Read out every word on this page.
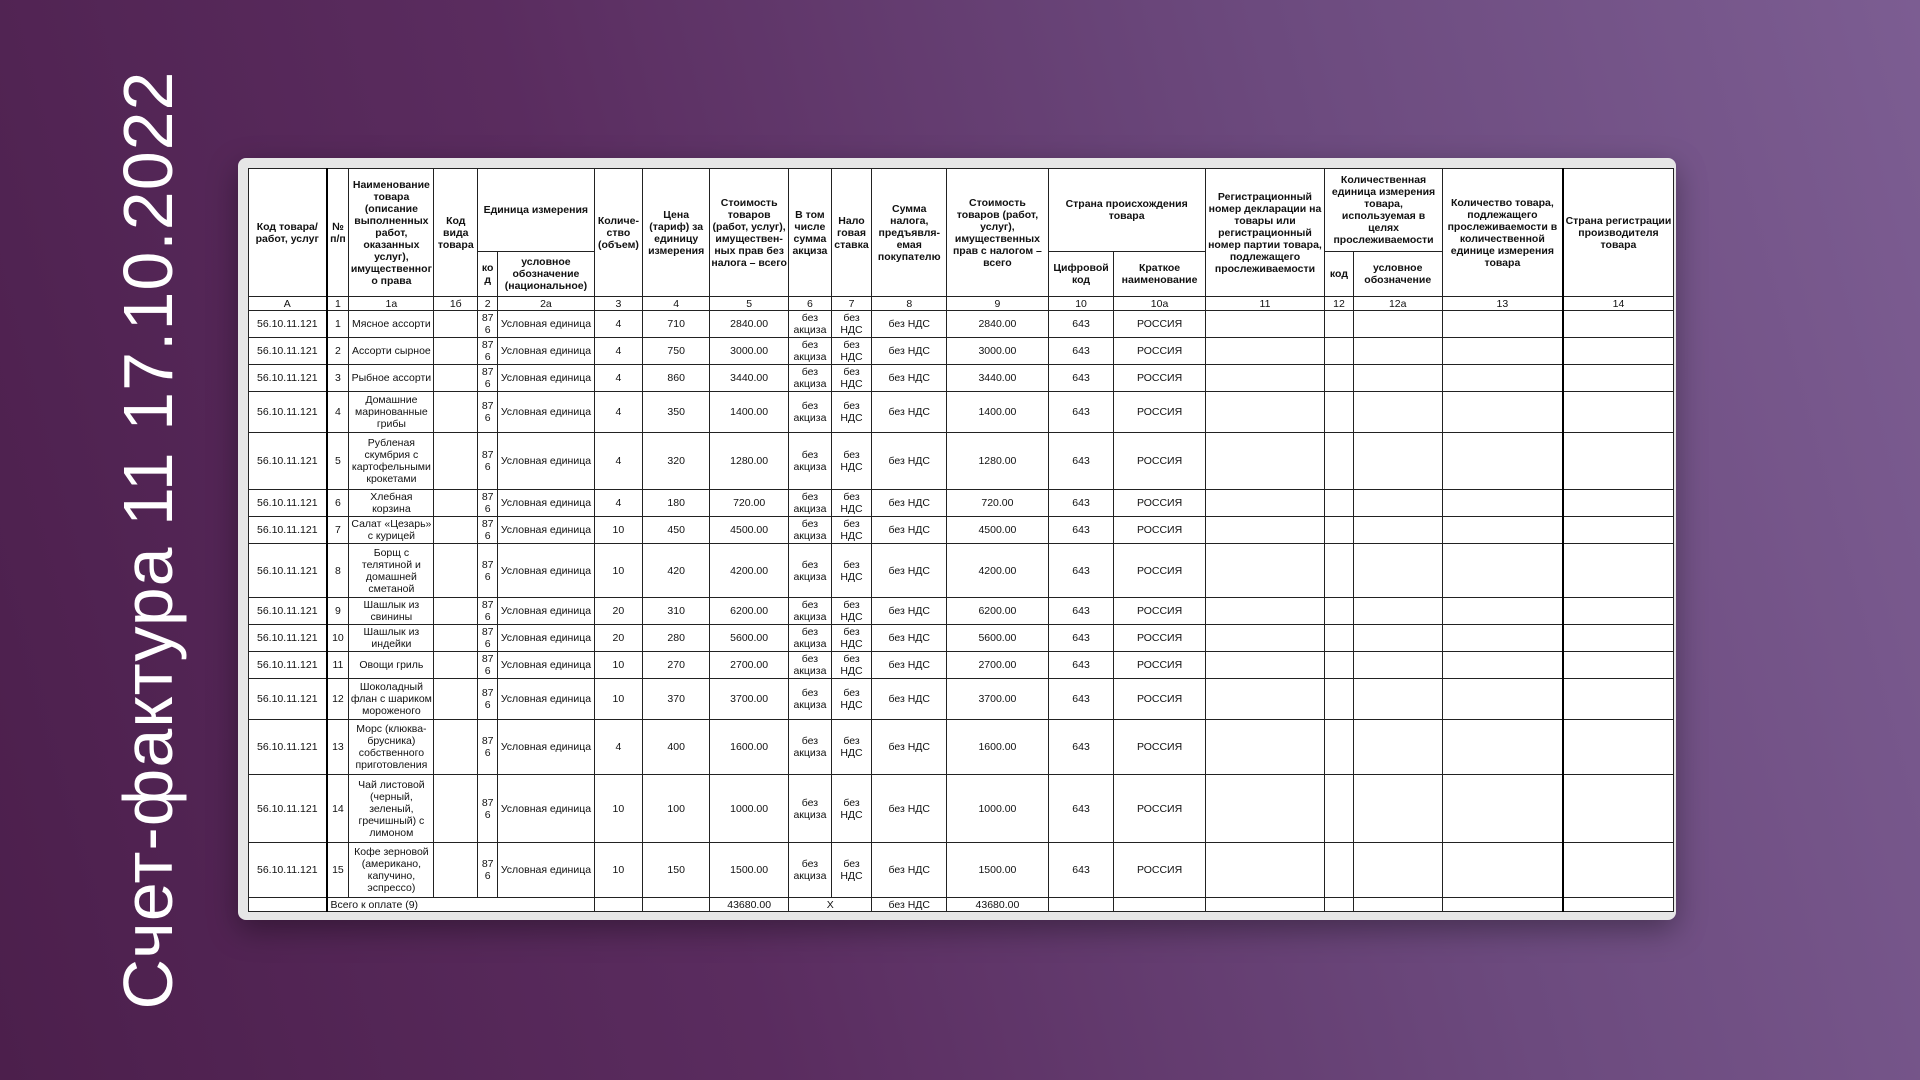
Счет-фактура 11 17.10.2022	Код товара/ работ, услуг	№ п/п	Наименование товара (описание выполненных работ, оказанных услуг), имущественного права	Код вида товара	Единица измерения		Количе-ство (объем)	Цена (тариф) за единицу измерения	Стоимость товаров (работ, услуг), имуществен-ных прав без налога – всего	В том числе сумма акциза	Нало говая ставка	Сумма налога, предъявля-емая покупателю	Стоимость товаров (работ, услуг), имущественных прав с налогом – всего	Страна происхождения товара		Регистрационный номер декларации на товары или регистрационный номер партии товара, подлежащего прослеживаемости	Количественная единица измерения товара, используемая в целях прослеживаемости		Количество товара, подлежащего прослеживаемости в количественной единице измерения товара	Страна регистрации производителя товара
				код	условное обозначение (национальное)								Цифровой код	Краткое наименование		код	условное обозначение		
А	1	1а	1б	2	2а	3	4	5	6	7	8	9	10	10а	11	12	12а	13	14
56.10.11.121	1	Мясное ассорти		876	Условная единица	4	710	2840.00	без акциза	без НДС	без НДС	2840.00	643	РОССИЯ					
56.10.11.121	2	Ассорти сырное		876	Условная единица	4	750	3000.00	без акциза	без НДС	без НДС	3000.00	643	РОССИЯ					
56.10.11.121	3	Рыбное ассорти		876	Условная единица	4	860	3440.00	без акциза	без НДС	без НДС	3440.00	643	РОССИЯ					
56.10.11.121	4	Домашние маринованные грибы		876	Условная единица	4	350	1400.00	без акциза	без НДС	без НДС	1400.00	643	РОССИЯ					
56.10.11.121	5	Рубленая скумбрия с картофельными крокетами		876	Условная единица	4	320	1280.00	без акциза	без НДС	без НДС	1280.00	643	РОССИЯ					
56.10.11.121	6	Хлебная корзина		876	Условная единица	4	180	720.00	без акциза	без НДС	без НДС	720.00	643	РОССИЯ					
56.10.11.121	7	Салат «Цезарь» с курицей		876	Условная единица	10	450	4500.00	без акциза	без НДС	без НДС	4500.00	643	РОССИЯ					
56.10.11.121	8	Борщ с телятиной и домашней сметаной		876	Условная единица	10	420	4200.00	без акциза	без НДС	без НДС	4200.00	643	РОССИЯ					
56.10.11.121	9	Шашлык из свинины		876	Условная единица	20	310	6200.00	без акциза	без НДС	без НДС	6200.00	643	РОССИЯ					
56.10.11.121	10	Шашлык из индейки		876	Условная единица	20	280	5600.00	без акциза	без НДС	без НДС	5600.00	643	РОССИЯ					
56.10.11.121	11	Овощи гриль		876	Условная единица	10	270	2700.00	без акциза	без НДС	без НДС	2700.00	643	РОССИЯ					
56.10.11.121	12	Шоколадный флан с шариком мороженого		876	Условная единица	10	370	3700.00	без акциза	без НДС	без НДС	3700.00	643	РОССИЯ					
56.10.11.121	13	Морс (клюква-брусника) собственного приготовления		876	Условная единица	4	400	1600.00	без акциза	без НДС	без НДС	1600.00	643	РОССИЯ					
56.10.11.121	14	Чай листовой (черный, зеленый, гречишный) с лимоном		876	Условная единица	10	100	1000.00	без акциза	без НДС	без НДС	1000.00	643	РОССИЯ					
56.10.11.121	15	Кофе зерновой (американо, капучино, эспрессо)		876	Условная единица	10	150	1500.00	без акциза	без НДС	без НДС	1500.00	643	РОССИЯ					
	Всего к оплате (9)							43680.00	X		без НДС	43680.00							
